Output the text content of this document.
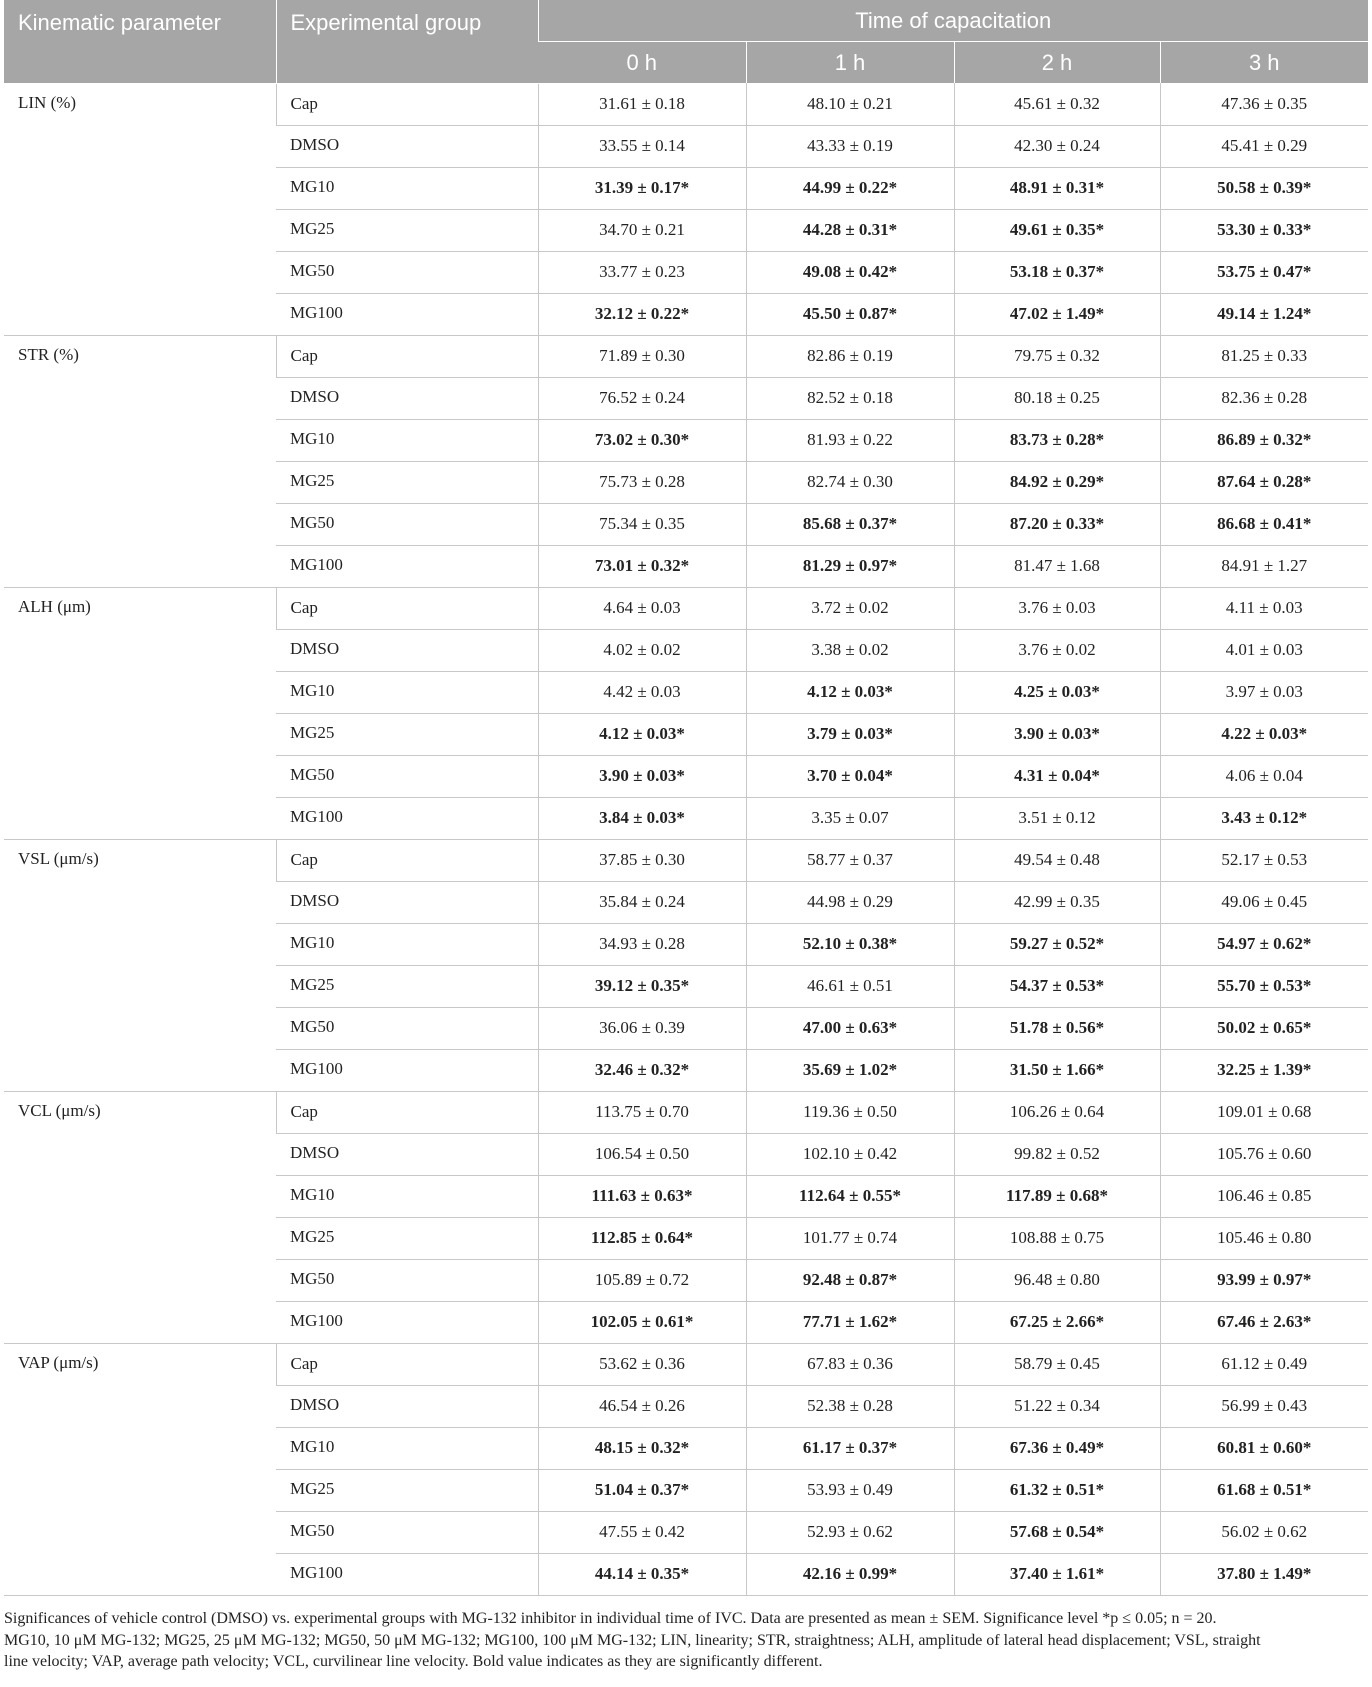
Kinematic parameter	Experimental group	Time of capacitation			
		0 h	1 h	2 h	3 h
LIN (%)	Cap	31.61 ± 0.18	48.10 ± 0.21	45.61 ± 0.32	47.36 ± 0.35
	DMSO	33.55 ± 0.14	43.33 ± 0.19	42.30 ± 0.24	45.41 ± 0.29
	MG10	31.39 ± 0.17*	44.99 ± 0.22*	48.91 ± 0.31*	50.58 ± 0.39*
	MG25	34.70 ± 0.21	44.28 ± 0.31*	49.61 ± 0.35*	53.30 ± 0.33*
	MG50	33.77 ± 0.23	49.08 ± 0.42*	53.18 ± 0.37*	53.75 ± 0.47*
	MG100	32.12 ± 0.22*	45.50 ± 0.87*	47.02 ± 1.49*	49.14 ± 1.24*
STR (%)	Cap	71.89 ± 0.30	82.86 ± 0.19	79.75 ± 0.32	81.25 ± 0.33
	DMSO	76.52 ± 0.24	82.52 ± 0.18	80.18 ± 0.25	82.36 ± 0.28
	MG10	73.02 ± 0.30*	81.93 ± 0.22	83.73 ± 0.28*	86.89 ± 0.32*
	MG25	75.73 ± 0.28	82.74 ± 0.30	84.92 ± 0.29*	87.64 ± 0.28*
	MG50	75.34 ± 0.35	85.68 ± 0.37*	87.20 ± 0.33*	86.68 ± 0.41*
	MG100	73.01 ± 0.32*	81.29 ± 0.97*	81.47 ± 1.68	84.91 ± 1.27
ALH (μm)	Cap	4.64 ± 0.03	3.72 ± 0.02	3.76 ± 0.03	4.11 ± 0.03
	DMSO	4.02 ± 0.02	3.38 ± 0.02	3.76 ± 0.02	4.01 ± 0.03
	MG10	4.42 ± 0.03	4.12 ± 0.03*	4.25 ± 0.03*	3.97 ± 0.03
	MG25	4.12 ± 0.03*	3.79 ± 0.03*	3.90 ± 0.03*	4.22 ± 0.03*
	MG50	3.90 ± 0.03*	3.70 ± 0.04*	4.31 ± 0.04*	4.06 ± 0.04
	MG100	3.84 ± 0.03*	3.35 ± 0.07	3.51 ± 0.12	3.43 ± 0.12*
VSL (μm/s)	Cap	37.85 ± 0.30	58.77 ± 0.37	49.54 ± 0.48	52.17 ± 0.53
	DMSO	35.84 ± 0.24	44.98 ± 0.29	42.99 ± 0.35	49.06 ± 0.45
	MG10	34.93 ± 0.28	52.10 ± 0.38*	59.27 ± 0.52*	54.97 ± 0.62*
	MG25	39.12 ± 0.35*	46.61 ± 0.51	54.37 ± 0.53*	55.70 ± 0.53*
	MG50	36.06 ± 0.39	47.00 ± 0.63*	51.78 ± 0.56*	50.02 ± 0.65*
	MG100	32.46 ± 0.32*	35.69 ± 1.02*	31.50 ± 1.66*	32.25 ± 1.39*
VCL (μm/s)	Cap	113.75 ± 0.70	119.36 ± 0.50	106.26 ± 0.64	109.01 ± 0.68
	DMSO	106.54 ± 0.50	102.10 ± 0.42	99.82 ± 0.52	105.76 ± 0.60
	MG10	111.63 ± 0.63*	112.64 ± 0.55*	117.89 ± 0.68*	106.46 ± 0.85
	MG25	112.85 ± 0.64*	101.77 ± 0.74	108.88 ± 0.75	105.46 ± 0.80
	MG50	105.89 ± 0.72	92.48 ± 0.87*	96.48 ± 0.80	93.99 ± 0.97*
	MG100	102.05 ± 0.61*	77.71 ± 1.62*	67.25 ± 2.66*	67.46 ± 2.63*
VAP (μm/s)	Cap	53.62 ± 0.36	67.83 ± 0.36	58.79 ± 0.45	61.12 ± 0.49
	DMSO	46.54 ± 0.26	52.38 ± 0.28	51.22 ± 0.34	56.99 ± 0.43
	MG10	48.15 ± 0.32*	61.17 ± 0.37*	67.36 ± 0.49*	60.81 ± 0.60*
	MG25	51.04 ± 0.37*	53.93 ± 0.49	61.32 ± 0.51*	61.68 ± 0.51*
	MG50	47.55 ± 0.42	52.93 ± 0.62	57.68 ± 0.54*	56.02 ± 0.62
	MG100	44.14 ± 0.35*	42.16 ± 0.99*	37.40 ± 1.61*	37.80 ± 1.49*
Significances of vehicle control (DMSO) vs. experimental groups with MG-132 inhibitor in individual time of IVC. Data are presented as mean ± SEM. Significance level *p ≤ 0.05; n = 20.
MG10, 10 μM MG-132; MG25, 25 μM MG-132; MG50, 50 μM MG-132; MG100, 100 μM MG-132; LIN, linearity; STR, straightness; ALH, amplitude of lateral head displacement; VSL, straight
line velocity; VAP, average path velocity; VCL, curvilinear line velocity. Bold value indicates as they are significantly different.
